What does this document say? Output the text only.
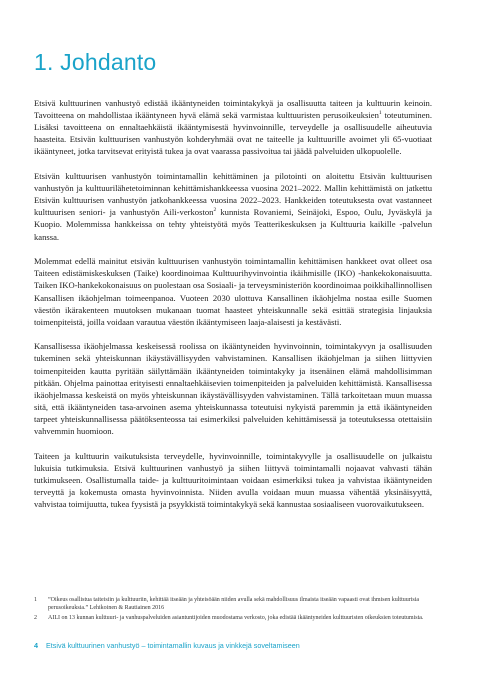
1. Johdanto

Etsivä kulttuurinen vanhustyö edistää ikääntyneiden toimintakykyä ja osallisuutta taiteen ja kulttuurin keinoin. Tavoitteena on mahdollistaa ikääntyneen hyvä elämä sekä varmistaa kulttuuristen perusoikeuksien$^1$ toteutuminen. Lisäksi tavoitteena on ennaltaehkäistä ikääntymisestä hyvinvoinnille, terveydelle ja osallisuudelle aiheutuvia haasteita. Etsivän kulttuurisen vanhustyön kohderyhmää ovat ne taiteelle ja kulttuurille avoimet yli 65-vuotiaat ikääntyneet, jotka tarvitsevat erityistä tukea ja ovat vaarassa passivoitua tai jäädä palveluiden ulkopuolelle.

Etsivän kulttuurisen vanhustyön toimintamallin kehittäminen ja pilotointi on aloitettu Etsivän kulttuurisen vanhustyön ja kulttuurilähetetoiminnan kehittämishankkeessa vuosina 2021–2022. Mallin kehittämistä on jatkettu Etsivän kulttuurisen vanhustyön jatkohankkeessa vuosina 2022–2023. Hankkeiden toteutuksesta ovat vastanneet kulttuurisen seniori- ja vanhustyön Aili-verkoston$^2$ kunnista Rovaniemi, Seinäjoki, Espoo, Oulu, Jyväskylä ja Kuopio. Molemmissa hankkeissa on tehty yhteistyötä myös Teatterikeskuksen ja Kulttuuria kaikille -palvelun kanssa.

Molemmat edellä mainitut etsivän kulttuurisen vanhustyön toimintamallin kehittämisen hankkeet ovat olleet osa Taiteen edistämiskeskuksen (Taike) koordinoimaa Kulttuurihyvinvointia ikäihmisille (IKO) -hankekokonaisuutta. Taiken IKO-hankekokonaisuus on puolestaan osa Sosiaali- ja terveysministeriön koordinoimaa poikkihallinnollisen Kansallisen ikäohjelman toimeenpanoa. Vuoteen 2030 ulottuva Kansallinen ikäohjelma nostaa esille Suomen väestön ikärakenteen muutoksen mukanaan tuomat haasteet yhteiskunnalle sekä esittää strategisia linjauksia toimenpiteistä, joilla voidaan varautua väestön ikääntymiseen laaja-alaisesti ja kestävästi.

Kansallisessa ikäohjelmassa keskeisessä roolissa on ikääntyneiden hyvinvoinnin, toimintakyvyn ja osallisuuden tukeminen sekä yhteiskunnan ikäystävällisyyden vahvistaminen. Kansallisen ikäohjelman ja siihen liittyvien toimenpiteiden kautta pyritään säilyttämään ikääntyneiden toimintakyky ja itsenäinen elämä mahdollisimman pitkään. Ohjelma painottaa erityisesti ennaltaehkäisevien toimenpiteiden ja palveluiden kehittämistä. Kansallisessa ikäohjelmassa keskeistä on myös yhteiskunnan ikäystävällisyyden vahvistaminen. Tällä tarkoitetaan muun muassa sitä, että ikääntyneiden tasa-arvoinen asema yhteiskunnassa toteutuisi nykyistä paremmin ja että ikääntyneiden tarpeet yhteiskunnallisessa päätöksenteossa tai esimerkiksi palveluiden kehittämisessä ja toteutuksessa otettaisiin vahvemmin huomioon.

Taiteen ja kulttuurin vaikutuksista terveydelle, hyvinvoinnille, toimintakyvylle ja osallisuudelle on julkaistu lukuisia tutkimuksia. Etsivä kulttuurinen vanhustyö ja siihen liittyvä toimintamalli nojaavat vahvasti tähän tutkimukseen. Osallistumalla taide- ja kulttuuritoimintaan voidaan esimerkiksi tukea ja vahvistaa ikääntyneiden terveyttä ja kokemusta omasta hyvinvoinnista. Niiden avulla voidaan muun muassa vähentää yksinäisyyttä, vahvistaa toimijuutta, tukea fyysistä ja psyykkistä toimintakykyä sekä kannustaa sosiaaliseen vuorovaikutukseen.

1	”Oikeus osallistua taiteisiin ja kulttuuriin, kehittää itseään ja yhteisöään niiden avulla sekä mahdollisuus ilmaista itseään vapaasti ovat ihmisen kulttuurisia perusoikeuksia.” Lehikoinen & Rautiainen 2016
2	AILI on 13 kunnan kulttuuri- ja vanhuspalveluiden asiantuntijoiden muodostama verkosto, joka edistää ikääntyneiden kulttuuristen oikeuksien toteutumista.
4 Etsivä kulttuurinen vanhustyö – toimintamallin kuvaus ja vinkkejä soveltamiseen
